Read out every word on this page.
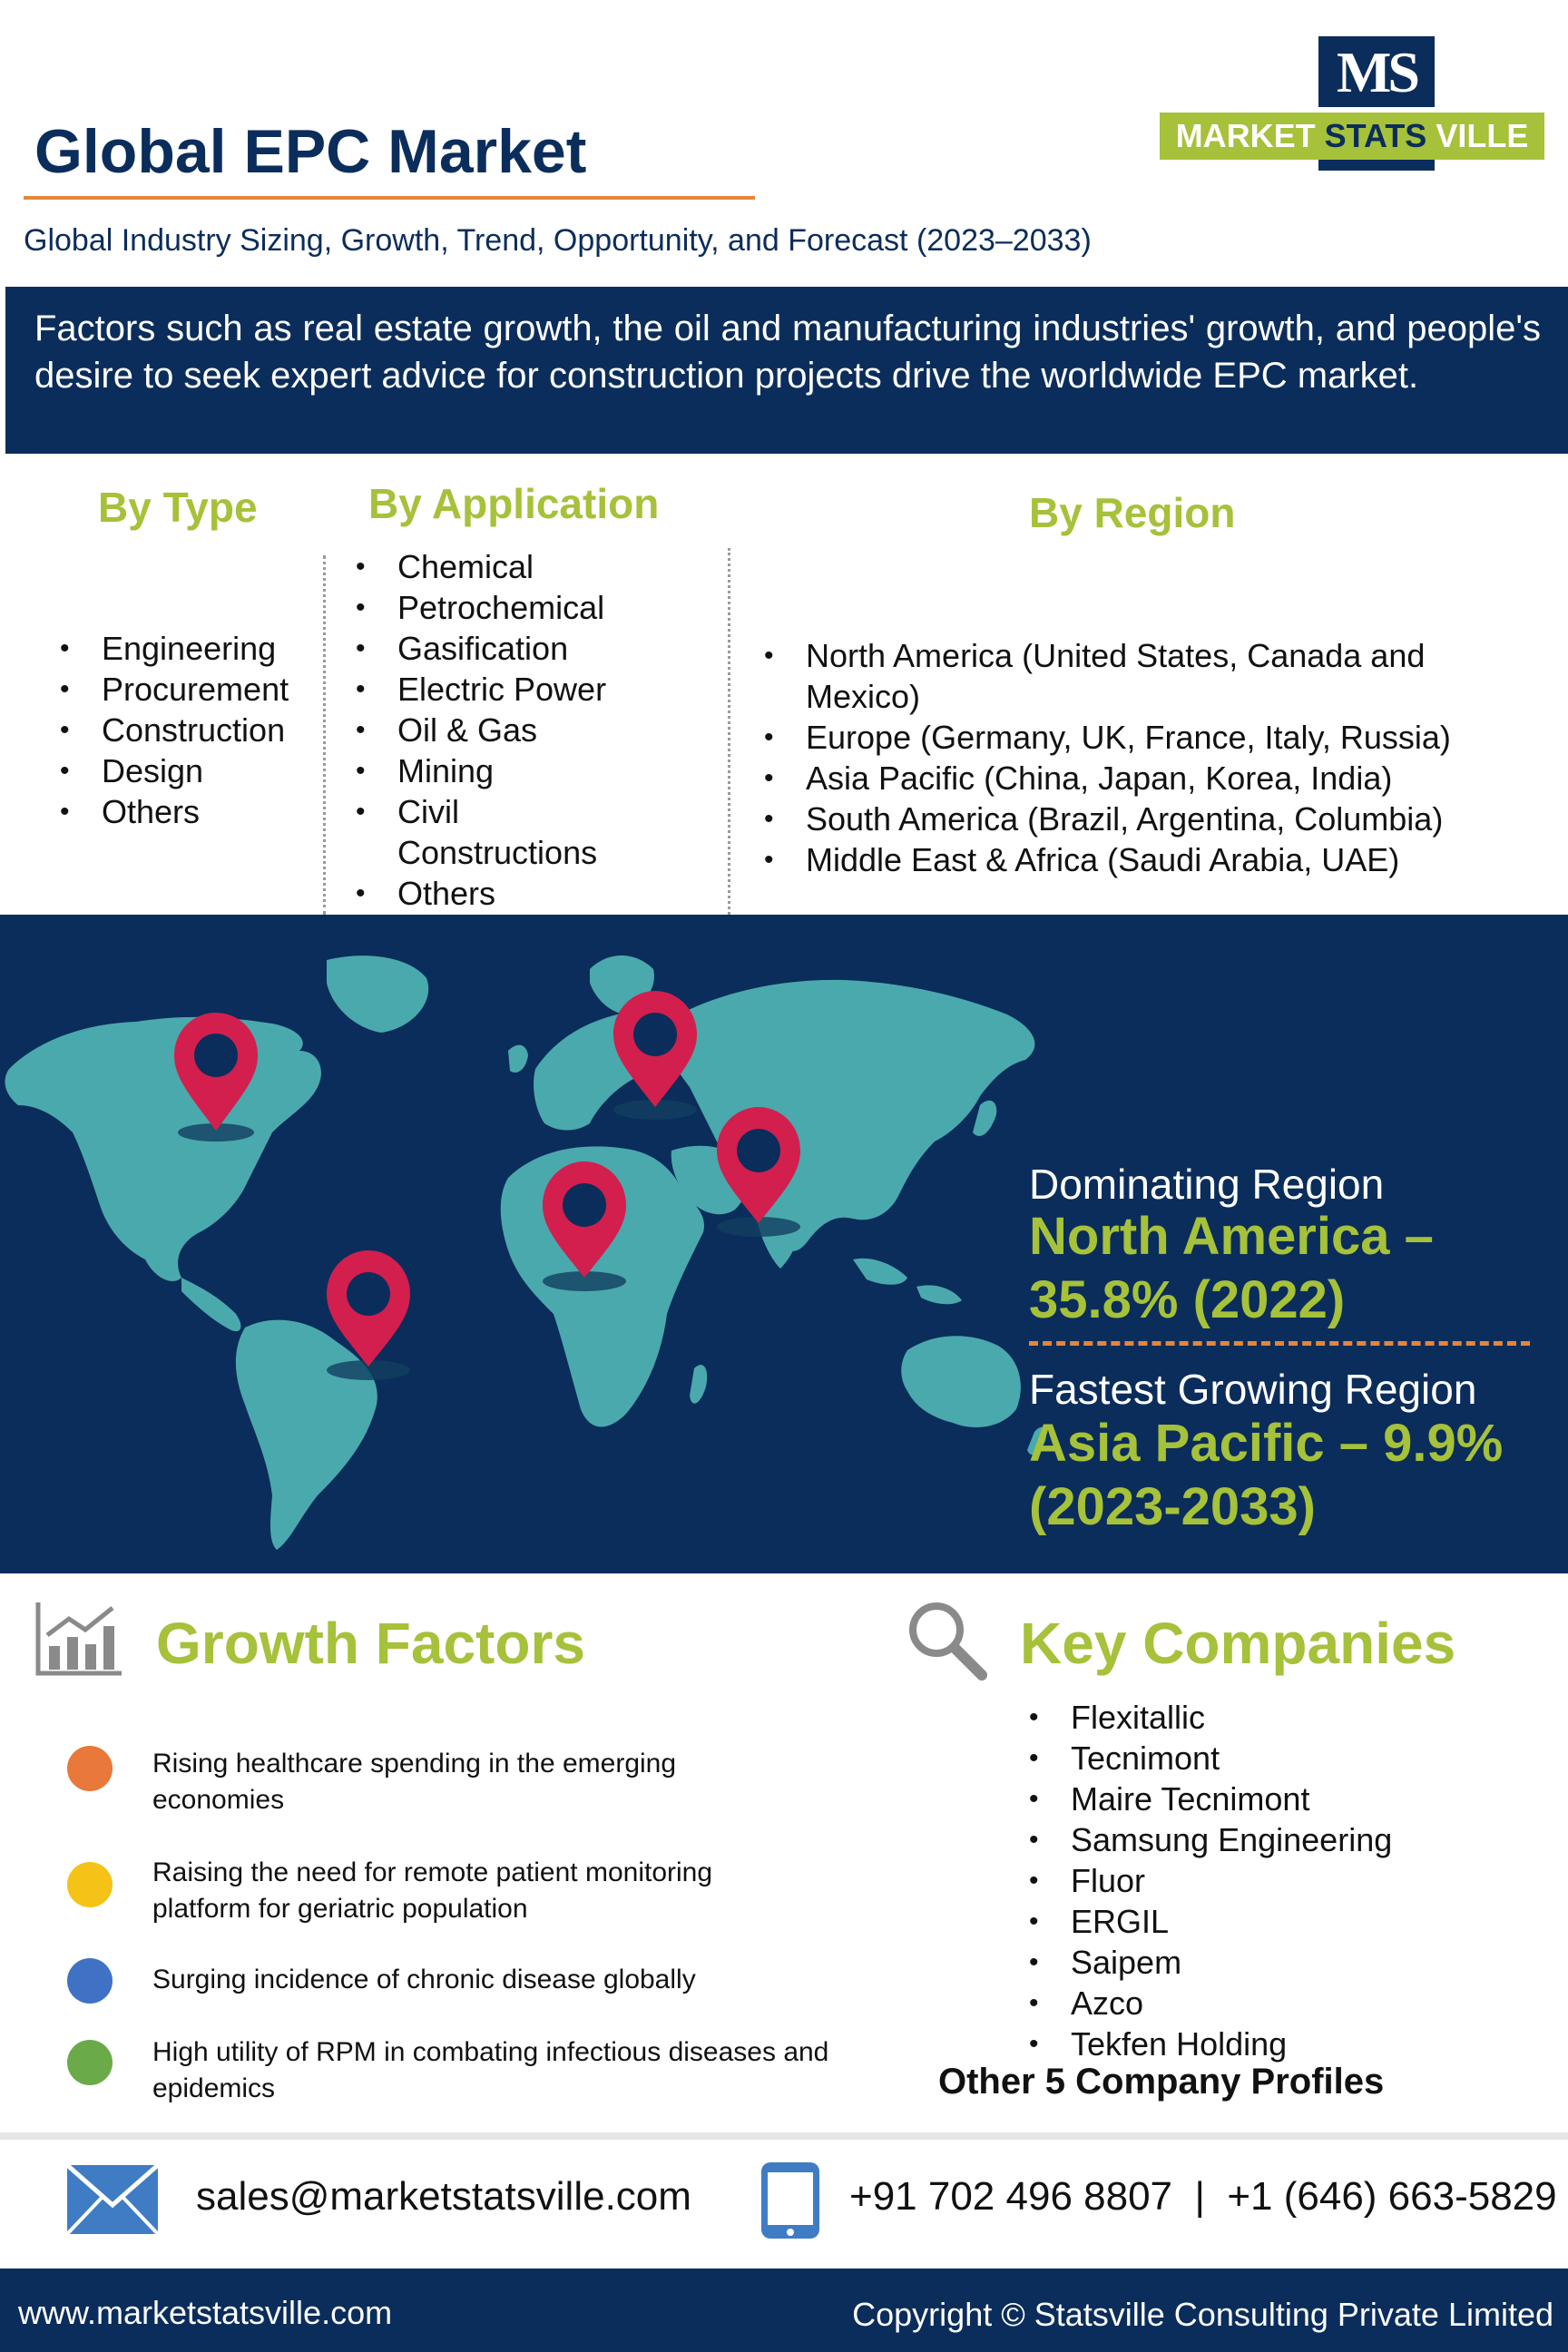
Global EPC Market
Global Industry Sizing, Growth, Trend, Opportunity, and Forecast (2023–2033)
MS
MARKET STATS VILLE
Factors such as real estate growth, the oil and manufacturing industries' growth, and people's desire to seek expert advice for construction projects drive the worldwide EPC market.
By Type	By Application	By Region
• Engineering
• Procurement
• Construction
• Design
• Others
• Chemical
• Petrochemical
• Gasification
• Electric Power
• Oil & Gas
• Mining
• Civil Constructions
• Others
• North America (United States, Canada and Mexico)
• Europe (Germany, UK, France, Italy, Russia)
• Asia Pacific (China, Japan, Korea, India)
• South America (Brazil, Argentina, Columbia)
• Middle East & Africa (Saudi Arabia, UAE)
Dominating Region
North America – 35.8% (2022)
Fastest Growing Region
Asia Pacific – 9.9% (2023-2033)
Growth Factors
Rising healthcare spending in the emerging economies
Raising the need for remote patient monitoring platform for geriatric population
Surging incidence of chronic disease globally
High utility of RPM in combating infectious diseases and epidemics
Key Companies
• Flexitallic
• Tecnimont
• Maire Tecnimont
• Samsung Engineering
• Fluor
• ERGIL
• Saipem
• Azco
• Tekfen Holding
Other 5 Company Profiles
sales@marketstatsville.com	+91 702 496 8807  |  +1 (646) 663-5829
www.marketstatsville.com	Copyright © Statsville Consulting Private Limited
